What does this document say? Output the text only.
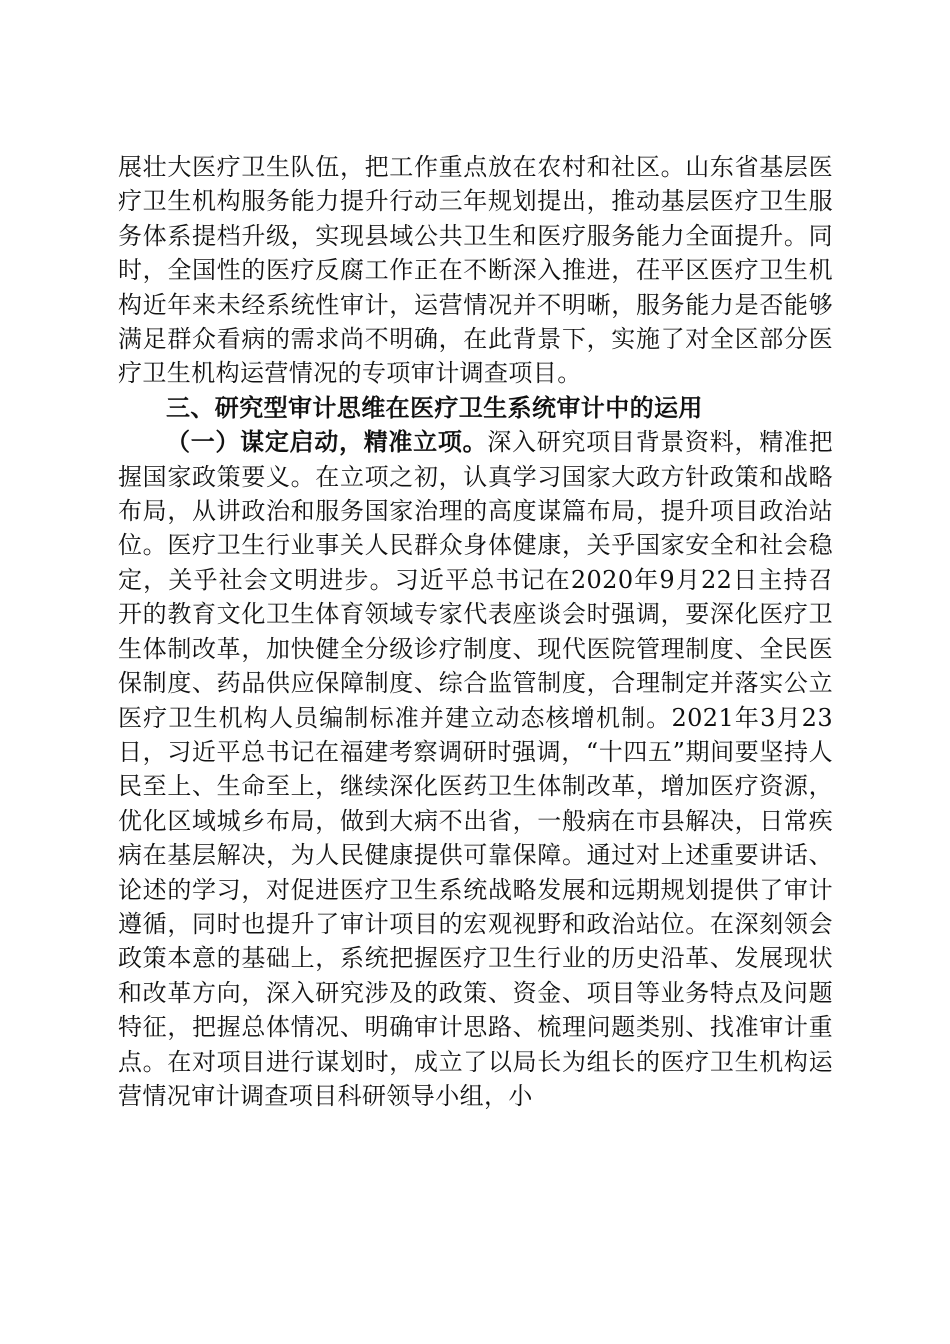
展壮大医疗卫生队伍，把工作重点放在农村和社区。山东省基层医疗卫生机构服务能力提升行动三年规划提出，推动基层医疗卫生服务体系提档升级，实现县域公共卫生和医疗服务能力全面提升。同时，全国性的医疗反腐工作正在不断深入推进，茌平区医疗卫生机构近年来未经系统性审计，运营情况并不明晰，服务能力是否能够满足群众看病的需求尚不明确，在此背景下，实施了对全区部分医疗卫生机构运营情况的专项审计调查项目。

三、研究型审计思维在医疗卫生系统审计中的运用

（一）谋定启动，精准立项。深入研究项目背景资料，精准把握国家政策要义。在立项之初，认真学习国家大政方针政策和战略布局，从讲政治和服务国家治理的高度谋篇布局，提升项目政治站位。医疗卫生行业事关人民群众身体健康，关乎国家安全和社会稳定，关乎社会文明进步。习近平总书记在2020年9月22日主持召开的教育文化卫生体育领域专家代表座谈会时强调，要深化医疗卫生体制改革，加快健全分级诊疗制度、现代医院管理制度、全民医保制度、药品供应保障制度、综合监管制度，合理制定并落实公立医疗卫生机构人员编制标准并建立动态核增机制。2021年3月23日，习近平总书记在福建考察调研时强调，“十四五”期间要坚持人民至上、生命至上，继续深化医药卫生体制改革，增加医疗资源，优化区域城乡布局，做到大病不出省，一般病在市县解决，日常疾病在基层解决，为人民健康提供可靠保障。通过对上述重要讲话、论述的学习，对促进医疗卫生系统战略发展和远期规划提供了审计遵循，同时也提升了审计项目的宏观视野和政治站位。在深刻领会政策本意的基础上，系统把握医疗卫生行业的历史沿革、发展现状和改革方向，深入研究涉及的政策、资金、项目等业务特点及问题特征，把握总体情况、明确审计思路、梳理问题类别、找准审计重点。在对项目进行谋划时，成立了以局长为组长的医疗卫生机构运营情况审计调查项目科研领导小组，小
